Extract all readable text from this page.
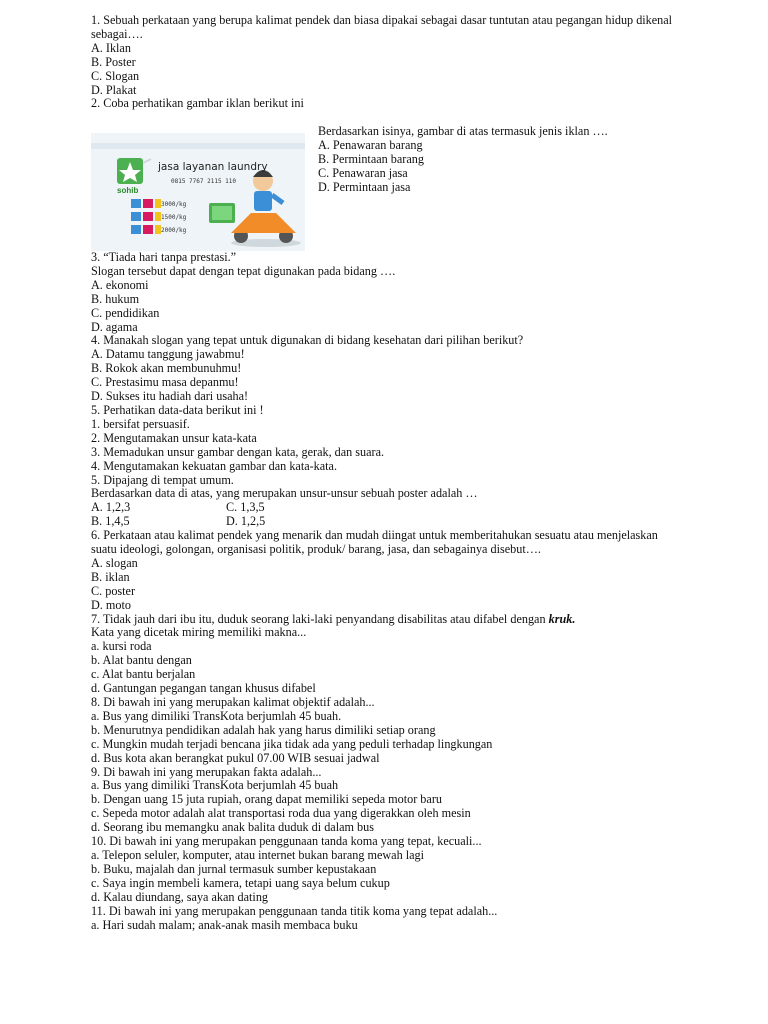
1. Sebuah perkataan yang berupa kalimat pendek dan biasa dipakai sebagai dasar tuntutan atau pegangan hidup dikenal sebagai….
A. Iklan
B. Poster
C. Slogan
D. Plakat
2. Coba perhatikan gambar iklan berikut ini
jasa layanan laundry
0815 7767 2115 110
sohib
3000/kg
1500/kg
2000/kg
Berdasarkan isinya, gambar di atas termasuk jenis iklan ….
A. Penawaran barang
B. Permintaan barang
C. Penawaran jasa
D. Permintaan jasa
3. “Tiada hari tanpa prestasi.”
Slogan tersebut dapat dengan tepat digunakan pada bidang ….
A. ekonomi
B. hukum
C. pendidikan
D. agama
4. Manakah slogan yang tepat untuk digunakan di bidang kesehatan dari pilihan berikut?
A. Datamu tanggung jawabmu!
B. Rokok akan membunuhmu!
C. Prestasimu masa depanmu!
D. Sukses itu hadiah dari usaha!
5. Perhatikan data-data berikut ini !
1. bersifat persuasif.
2. Mengutamakan unsur kata-kata
3. Memadukan unsur gambar dengan kata, gerak, dan suara.
4. Mengutamakan kekuatan gambar dan kata-kata.
5. Dipajang di tempat umum.
Berdasarkan data di atas, yang merupakan unsur-unsur sebuah poster adalah …
A. 1,2,3	C. 1,3,5
B. 1,4,5	D. 1,2,5
6. Perkataan atau kalimat pendek yang menarik dan mudah diingat untuk memberitahukan sesuatu atau menjelaskan suatu ideologi, golongan, organisasi politik, produk/ barang, jasa, dan sebagainya disebut….
A. slogan
B. iklan
C. poster
D. moto
7. Tidak jauh dari ibu itu, duduk seorang laki-laki penyandang disabilitas atau difabel dengan kruk.
Kata yang dicetak miring memiliki makna...
a. kursi roda
b. Alat bantu dengan
c. Alat bantu berjalan
d. Gantungan pegangan tangan khusus difabel
8. Di bawah ini yang merupakan kalimat objektif adalah...
a. Bus yang dimiliki TransKota berjumlah 45 buah.
b. Menurutnya pendidikan adalah hak yang harus dimiliki setiap orang
c. Mungkin mudah terjadi bencana jika tidak ada yang peduli terhadap lingkungan
d. Bus kota akan berangkat pukul 07.00 WIB sesuai jadwal
9. Di bawah ini yang merupakan fakta adalah...
a. Bus yang dimiliki TransKota berjumlah 45 buah
b. Dengan uang 15 juta rupiah, orang dapat memiliki sepeda motor baru
c. Sepeda motor adalah alat transportasi roda dua yang digerakkan oleh mesin
d. Seorang ibu memangku anak balita duduk di dalam bus
10. Di bawah ini yang merupakan penggunaan tanda koma yang tepat, kecuali...
a. Telepon seluler, komputer, atau internet bukan barang mewah lagi
b. Buku, majalah dan jurnal termasuk sumber kepustakaan
c. Saya ingin membeli kamera, tetapi uang saya belum cukup
d. Kalau diundang, saya akan dating
11. Di bawah ini yang merupakan penggunaan tanda titik koma yang tepat adalah...
a. Hari sudah malam; anak-anak masih membaca buku
